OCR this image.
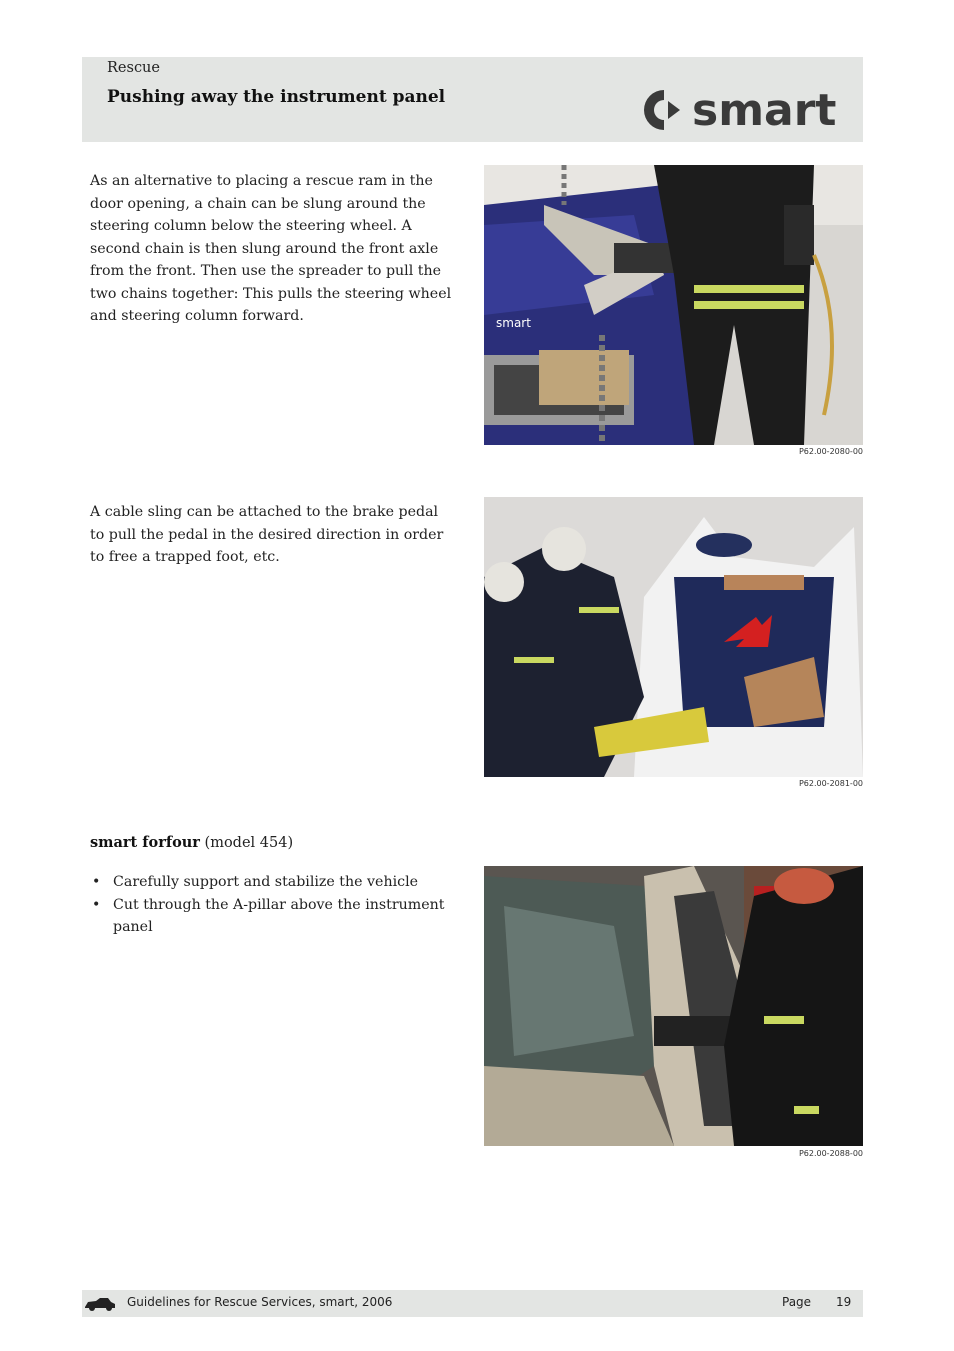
Rescue
Pushing away the instrument panel	smart

As an alternative to placing a rescue ram in the door opening, a chain can be slung around the steering column below the steering wheel. A second chain is then slung around the front axle from the front. Then use the spreader to pull the two chains together: This pulls the steering wheel and steering column forward.	smart
P62.00-2080-00

A cable sling can be attached to the brake pedal to pull the pedal in the desired direction in order to free a trapped foot, etc.

P62.00-2081-00
smart forfour (model 454)
• Carefully support and stabilize the vehicle
• Cut through the A-pillar above the instrument panel
P62.00-2088-00
Guidelines for Rescue Services, smart, 2006	Page 19
